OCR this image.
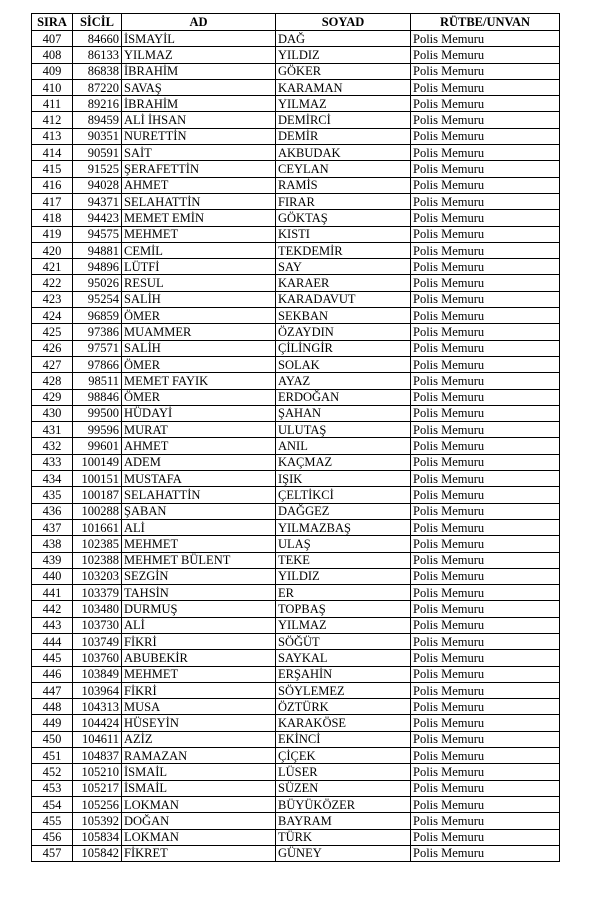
SIRA	SİCİL	AD	SOYAD	RÜTBE/UNVAN
407	84660	İSMAYİL	DAĞ	Polis Memuru
408	86133	YILMAZ	YILDIZ	Polis Memuru
409	86838	İBRAHİM	GÖKER	Polis Memuru
410	87220	SAVAŞ	KARAMAN	Polis Memuru
411	89216	İBRAHİM	YILMAZ	Polis Memuru
412	89459	ALİ İHSAN	DEMİRCİ	Polis Memuru
413	90351	NURETTİN	DEMİR	Polis Memuru
414	90591	SAİT	AKBUDAK	Polis Memuru
415	91525	ŞERAFETTİN	CEYLAN	Polis Memuru
416	94028	AHMET	RAMİS	Polis Memuru
417	94371	SELAHATTİN	FIRAR	Polis Memuru
418	94423	MEMET EMİN	GÖKTAŞ	Polis Memuru
419	94575	MEHMET	KISTI	Polis Memuru
420	94881	CEMİL	TEKDEMİR	Polis Memuru
421	94896	LÜTFİ	SAY	Polis Memuru
422	95026	RESUL	KARAER	Polis Memuru
423	95254	SALİH	KARADAVUT	Polis Memuru
424	96859	ÖMER	SEKBAN	Polis Memuru
425	97386	MUAMMER	ÖZAYDIN	Polis Memuru
426	97571	SALİH	ÇİLİNGİR	Polis Memuru
427	97866	ÖMER	SOLAK	Polis Memuru
428	98511	MEMET FAYIK	AYAZ	Polis Memuru
429	98846	ÖMER	ERDOĞAN	Polis Memuru
430	99500	HÜDAYİ	ŞAHAN	Polis Memuru
431	99596	MURAT	ULUTAŞ	Polis Memuru
432	99601	AHMET	ANIL	Polis Memuru
433	100149	ADEM	KAÇMAZ	Polis Memuru
434	100151	MUSTAFA	IŞIK	Polis Memuru
435	100187	SELAHATTİN	ÇELTİKCİ	Polis Memuru
436	100288	ŞABAN	DAĞGEZ	Polis Memuru
437	101661	ALİ	YILMAZBAŞ	Polis Memuru
438	102385	MEHMET	ULAŞ	Polis Memuru
439	102388	MEHMET BÜLENT	TEKE	Polis Memuru
440	103203	SEZGİN	YILDIZ	Polis Memuru
441	103379	TAHSİN	ER	Polis Memuru
442	103480	DURMUŞ	TOPBAŞ	Polis Memuru
443	103730	ALİ	YILMAZ	Polis Memuru
444	103749	FİKRİ	SÖĞÜT	Polis Memuru
445	103760	ABUBEKİR	SAYKAL	Polis Memuru
446	103849	MEHMET	ERŞAHİN	Polis Memuru
447	103964	FİKRİ	SÖYLEMEZ	Polis Memuru
448	104313	MUSA	ÖZTÜRK	Polis Memuru
449	104424	HÜSEYİN	KARAKÖSE	Polis Memuru
450	104611	AZİZ	EKİNCİ	Polis Memuru
451	104837	RAMAZAN	ÇİÇEK	Polis Memuru
452	105210	İSMAİL	LÜSER	Polis Memuru
453	105217	İSMAİL	SÜZEN	Polis Memuru
454	105256	LOKMAN	BÜYÜKÖZER	Polis Memuru
455	105392	DOĞAN	BAYRAM	Polis Memuru
456	105834	LOKMAN	TÜRK	Polis Memuru
457	105842	FİKRET	GÜNEY	Polis Memuru
